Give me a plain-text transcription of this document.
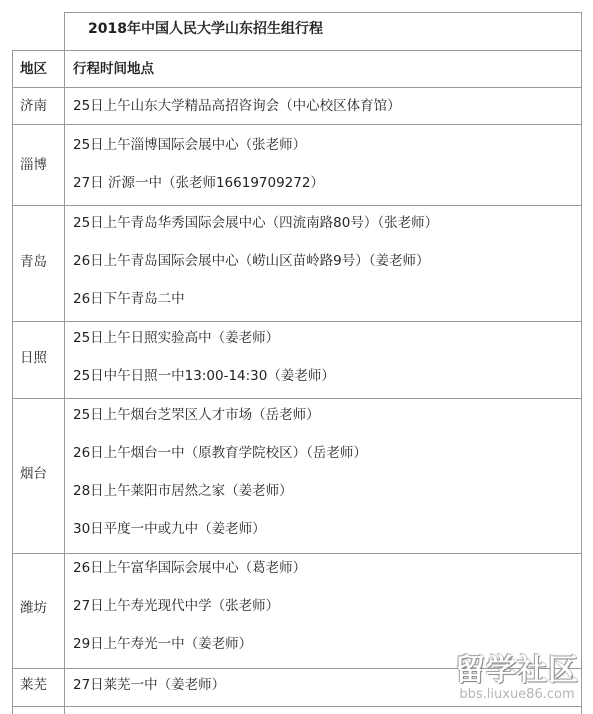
2018年中国人民大学山东招生组行程
地区 行程时间地点
济南 25日上午山东大学精品高招咨询会（中心校区体育馆）
淄博
25日上午淄博国际会展中心（张老师）
27日 沂源一中（张老师16619709272）
青岛
25日上午青岛华秀国际会展中心（四流南路80号）（张老师）
26日上午青岛国际会展中心（崂山区苗岭路9号）（姜老师）
26日下午青岛二中
日照
25日上午日照实验高中（姜老师）
25日中午日照一中13:00-14:30（姜老师）
烟台
25日上午烟台芝罘区人才市场（岳老师）
26日上午烟台一中（原教育学院校区）（岳老师）
28日上午莱阳市居然之家（姜老师）
30日平度一中或九中（姜老师）
潍坊
26日上午富华国际会展中心（葛老师）
27日上午寿光现代中学（张老师）
29日上午寿光一中（姜老师）
莱芜 27日莱芜一中（姜老师）	留学社区
bbs.liuxue86.com
